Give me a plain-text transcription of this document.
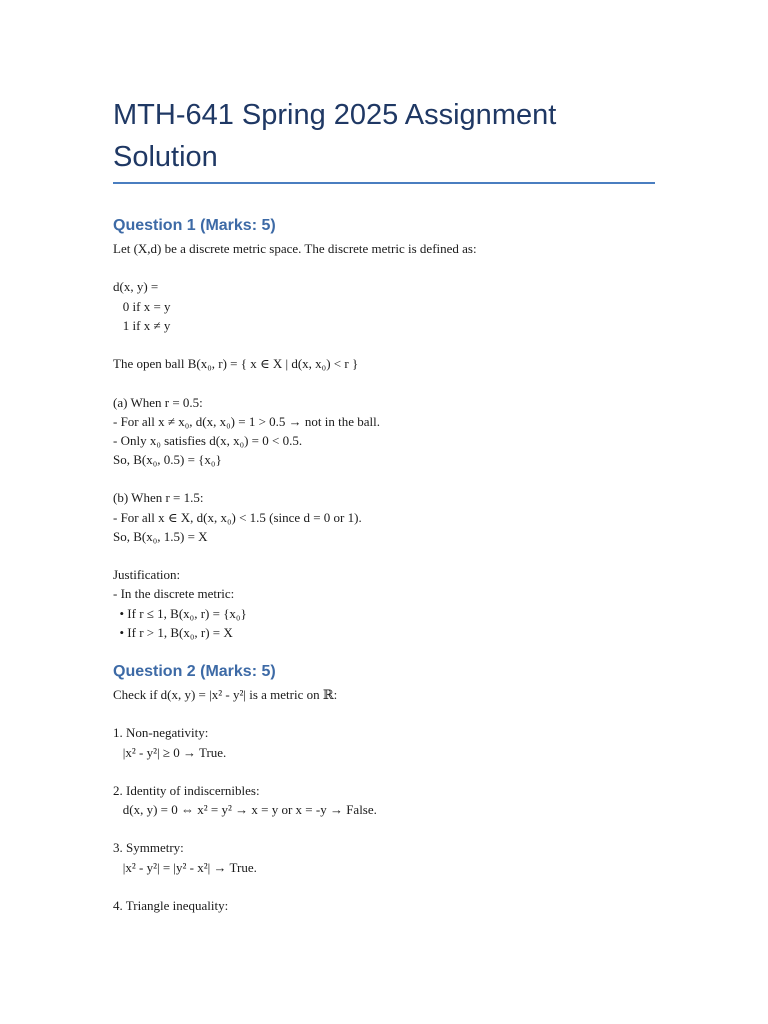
MTH-641 Spring 2025 Assignment Solution
Question 1 (Marks: 5)
Let (X,d) be a discrete metric space. The discrete metric is defined as:
d(x, y) =
0 if x = y
1 if x ≠ y
The open ball B(x₀, r) = { x ∈ X | d(x, x₀) < r }
(a) When r = 0.5:
- For all x ≠ x₀, d(x, x₀) = 1 > 0.5 → not in the ball.
- Only x₀ satisfies d(x, x₀) = 0 < 0.5.
So, B(x₀, 0.5) = {x₀}
(b) When r = 1.5:
- For all x ∈ X, d(x, x₀) < 1.5 (since d = 0 or 1).
So, B(x₀, 1.5) = X
Justification:
- In the discrete metric:
• If r ≤ 1, B(x₀, r) = {x₀}
• If r > 1, B(x₀, r) = X
Question 2 (Marks: 5)
Check if d(x, y) = |x² - y²| is a metric on ℝ:
1. Non-negativity:
|x² - y²| ≥ 0 → True.
2. Identity of indiscernibles:
d(x, y) = 0 ⇔ x² = y² → x = y or x = -y → False.
3. Symmetry:
|x² - y²| = |y² - x²| → True.
4. Triangle inequality:
